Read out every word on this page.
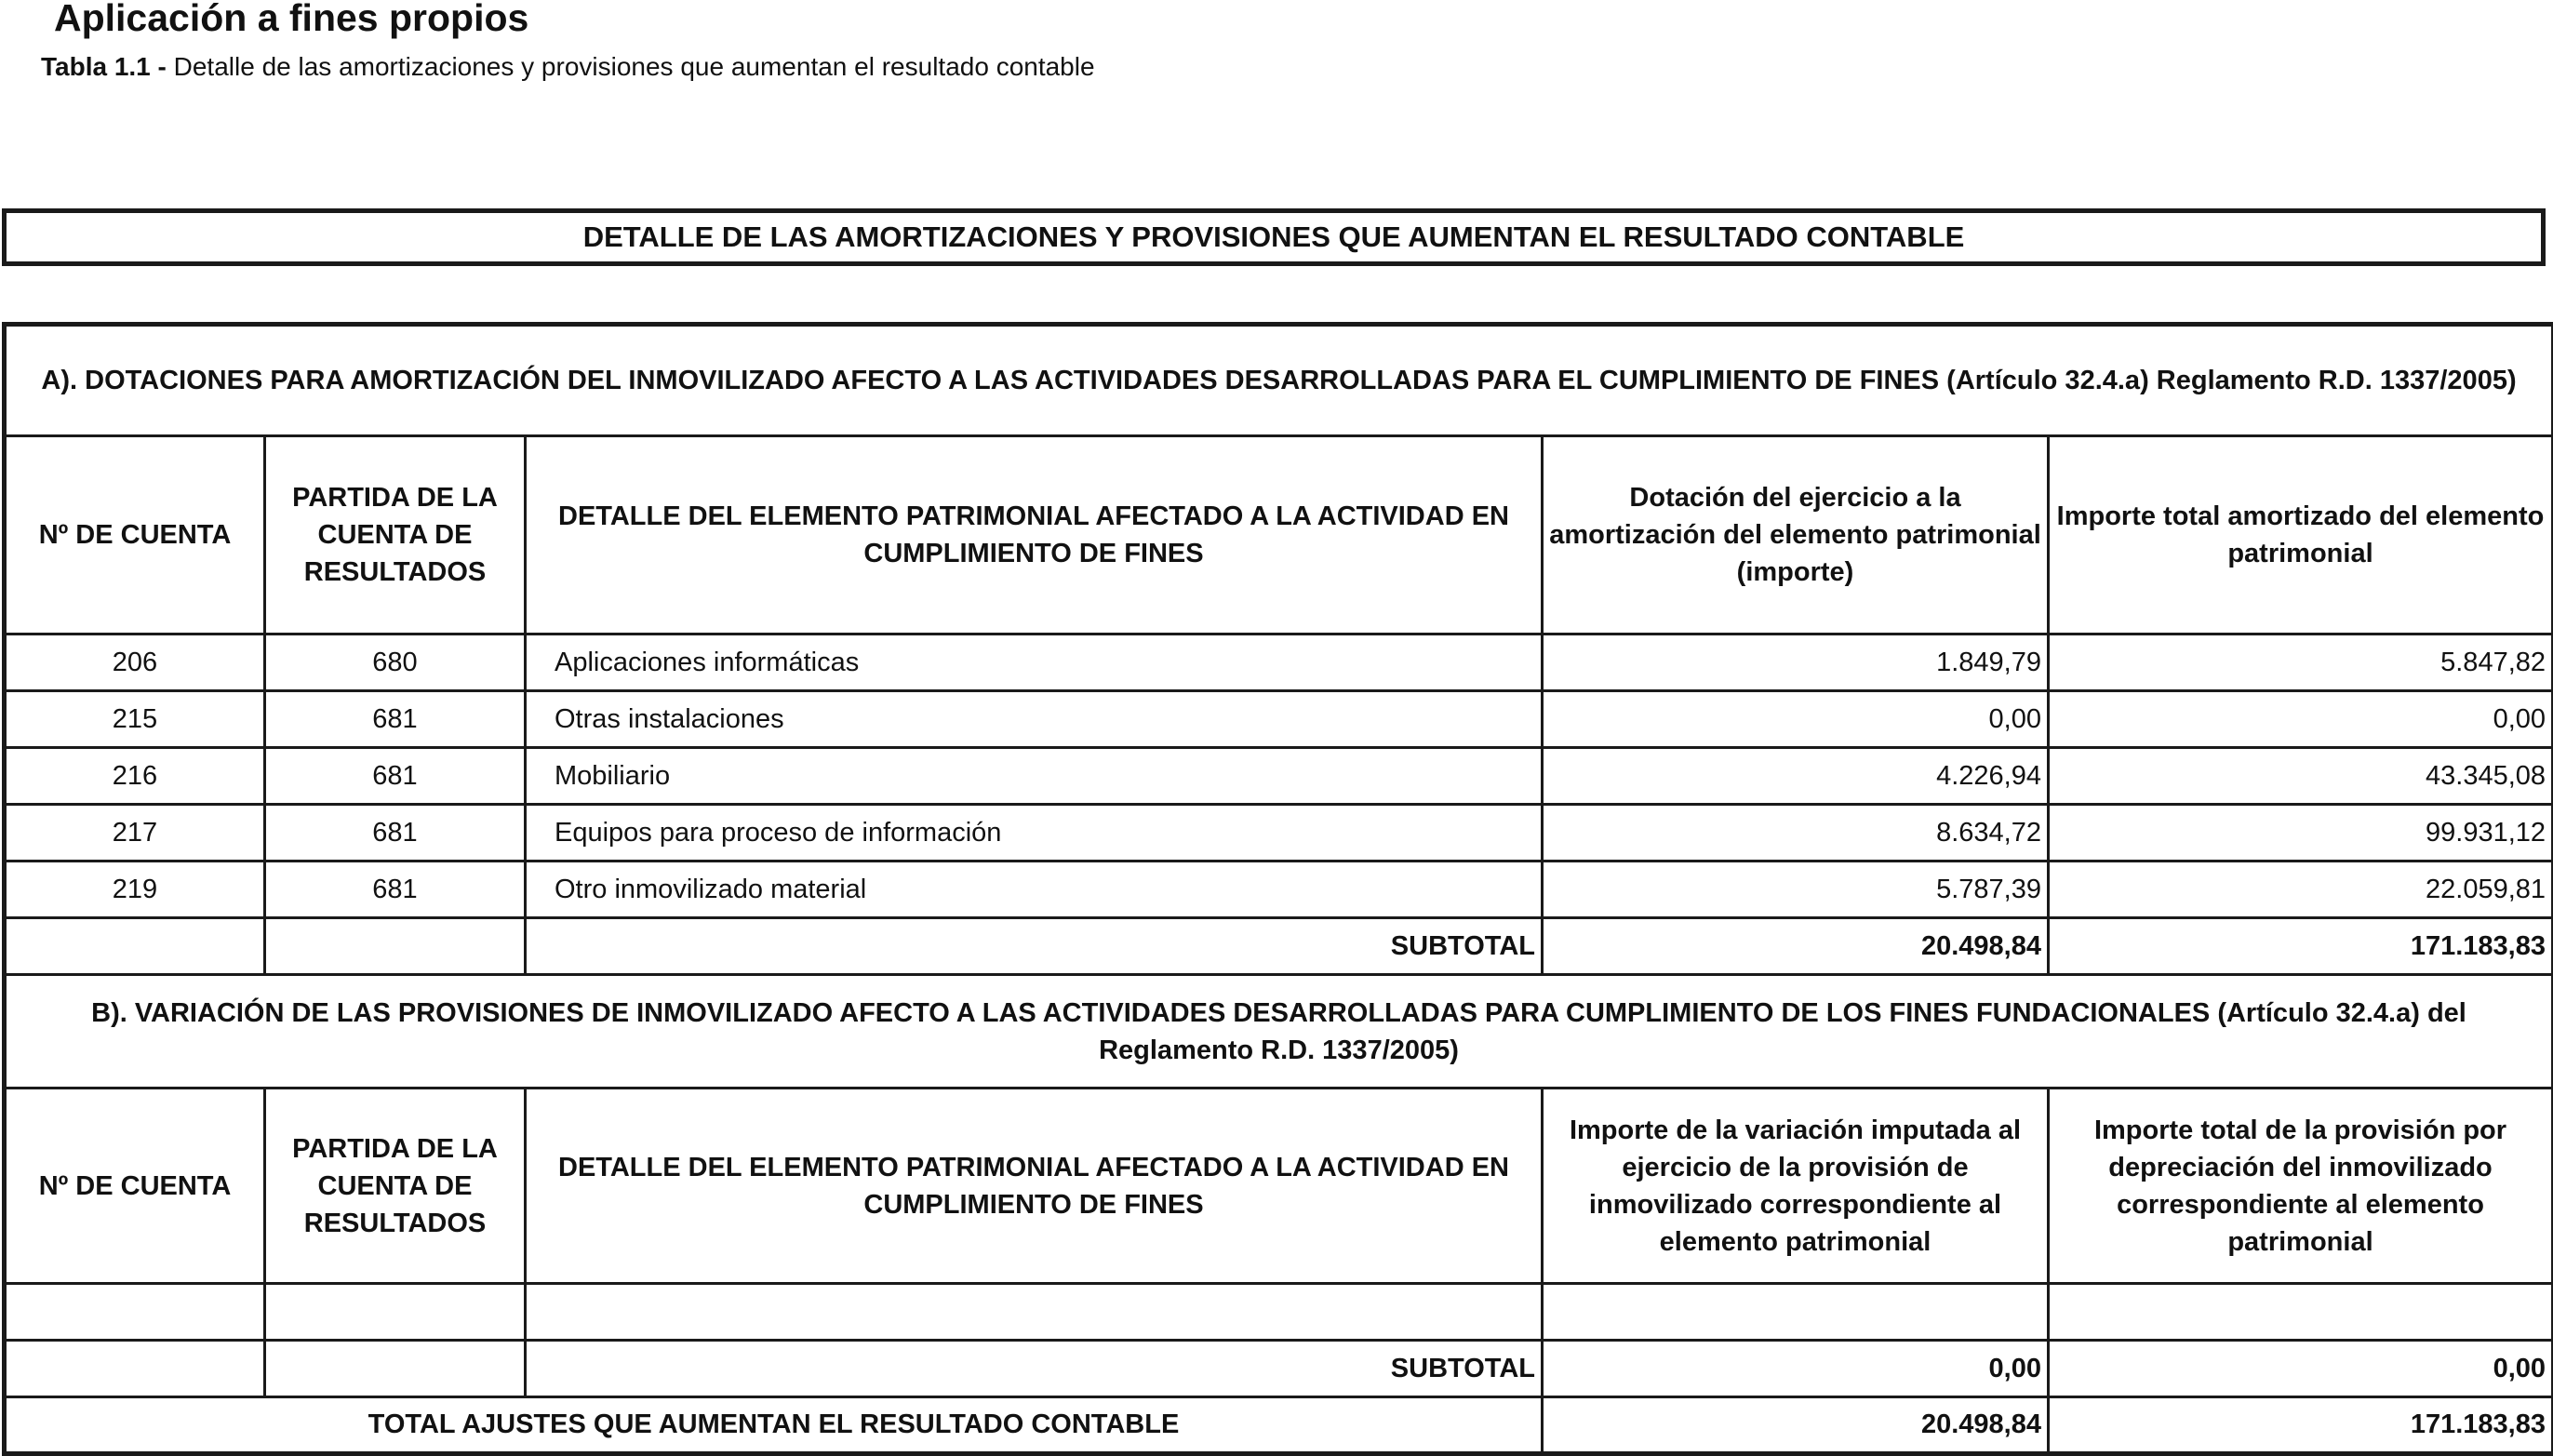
Aplicación a fines propios
Tabla 1.1 - Detalle de las amortizaciones y provisiones que aumentan el resultado contable
DETALLE DE LAS AMORTIZACIONES Y PROVISIONES QUE AUMENTAN EL RESULTADO CONTABLE
A). DOTACIONES PARA AMORTIZACIÓN DEL INMOVILIZADO AFECTO A LAS ACTIVIDADES DESARROLLADAS PARA EL CUMPLIMIENTO DE FINES (Artículo 32.4.a) Reglamento R.D. 1337/2005)				
Nº DE CUENTA	PARTIDA DE LA CUENTA DE RESULTADOS	DETALLE DEL ELEMENTO PATRIMONIAL AFECTADO A LA ACTIVIDAD EN CUMPLIMIENTO DE FINES	Dotación del ejercicio a la amortización del elemento patrimonial (importe)	Importe total amortizado del elemento patrimonial
206	680	Aplicaciones informáticas	1.849,79	5.847,82
215	681	Otras instalaciones	0,00	0,00
216	681	Mobiliario	4.226,94	43.345,08
217	681	Equipos para proceso de información	8.634,72	99.931,12
219	681	Otro inmovilizado material	5.787,39	22.059,81
		SUBTOTAL	20.498,84	171.183,83
B). VARIACIÓN DE LAS PROVISIONES DE INMOVILIZADO AFECTO A LAS ACTIVIDADES DESARROLLADAS PARA CUMPLIMIENTO DE LOS FINES FUNDACIONALES (Artículo 32.4.a) del Reglamento R.D. 1337/2005)				
Nº DE CUENTA	PARTIDA DE LA CUENTA DE RESULTADOS	DETALLE DEL ELEMENTO PATRIMONIAL AFECTADO A LA ACTIVIDAD EN CUMPLIMIENTO DE FINES	Importe de la variación imputada al ejercicio de la provisión de inmovilizado correspondiente al elemento patrimonial	Importe total de la provisión por depreciación del inmovilizado correspondiente al elemento patrimonial

		SUBTOTAL	0,00	0,00
TOTAL AJUSTES QUE AUMENTAN EL RESULTADO CONTABLE			20.498,84	171.183,83
